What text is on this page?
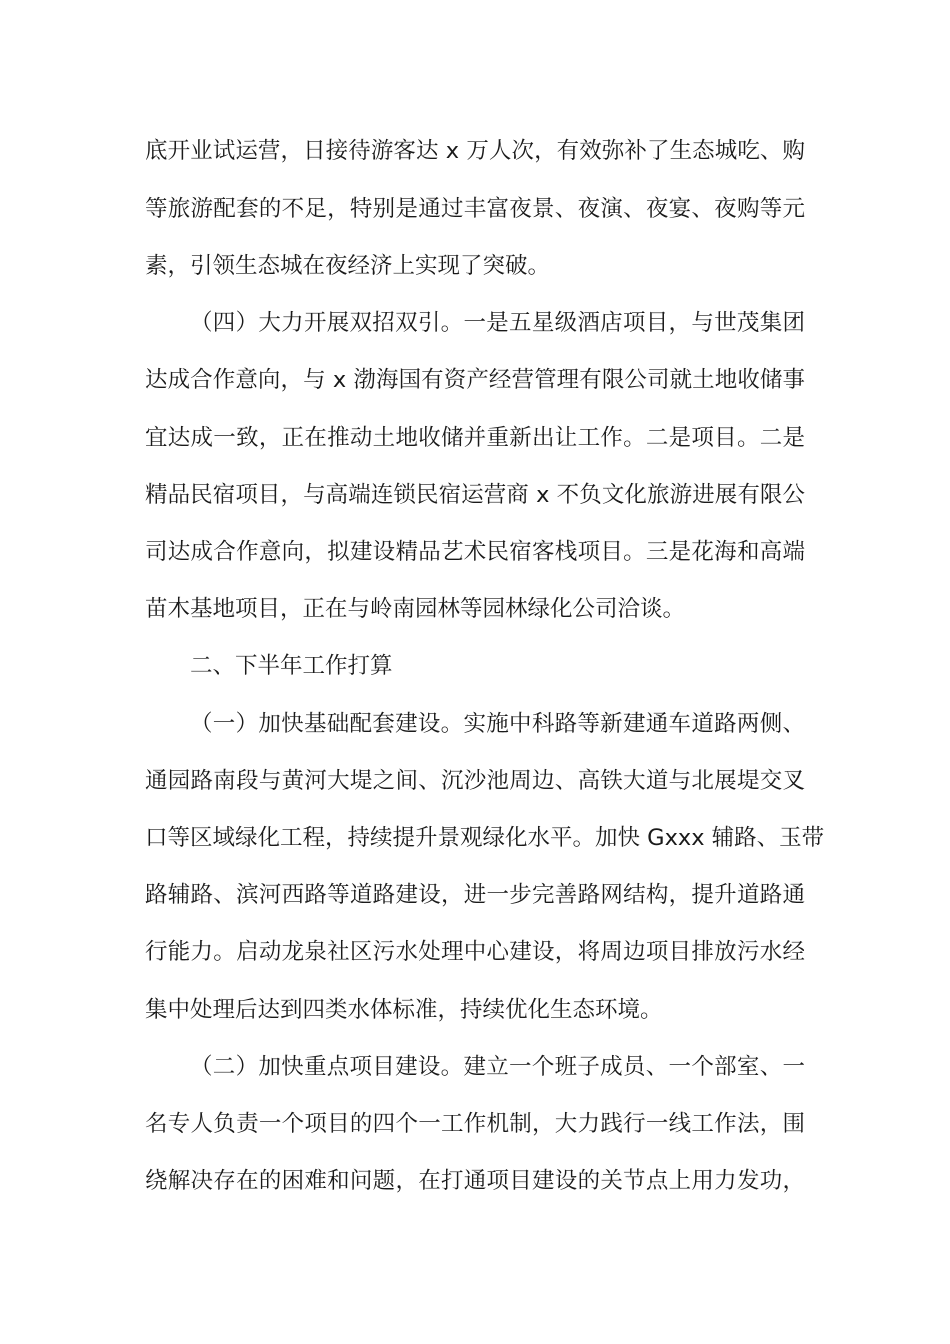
底开业试运营，日接待游客达 x 万人次，有效弥补了生态城吃、购
等旅游配套的不足，特别是通过丰富夜景、夜演、夜宴、夜购等元
素，引领生态城在夜经济上实现了突破。
（四）大力开展双招双引。一是五星级酒店项目，与世茂集团
达成合作意向，与 x 渤海国有资产经营管理有限公司就土地收储事
宜达成一致，正在推动土地收储并重新出让工作。二是项目。二是
精品民宿项目，与高端连锁民宿运营商 x 不负文化旅游进展有限公
司达成合作意向，拟建设精品艺术民宿客栈项目。三是花海和高端
苗木基地项目，正在与岭南园林等园林绿化公司洽谈。
二、下半年工作打算
（一）加快基础配套建设。实施中科路等新建通车道路两侧、
通园路南段与黄河大堤之间、沉沙池周边、高铁大道与北展堤交叉
口等区域绿化工程，持续提升景观绿化水平。加快 Gxxx 辅路、玉带
路辅路、滨河西路等道路建设，进一步完善路网结构，提升道路通
行能力。启动龙泉社区污水处理中心建设，将周边项目排放污水经
集中处理后达到四类水体标准，持续优化生态环境。
（二）加快重点项目建设。建立一个班子成员、一个部室、一
名专人负责一个项目的四个一工作机制，大力践行一线工作法，围
绕解决存在的困难和问题，在打通项目建设的关节点上用力发功，
